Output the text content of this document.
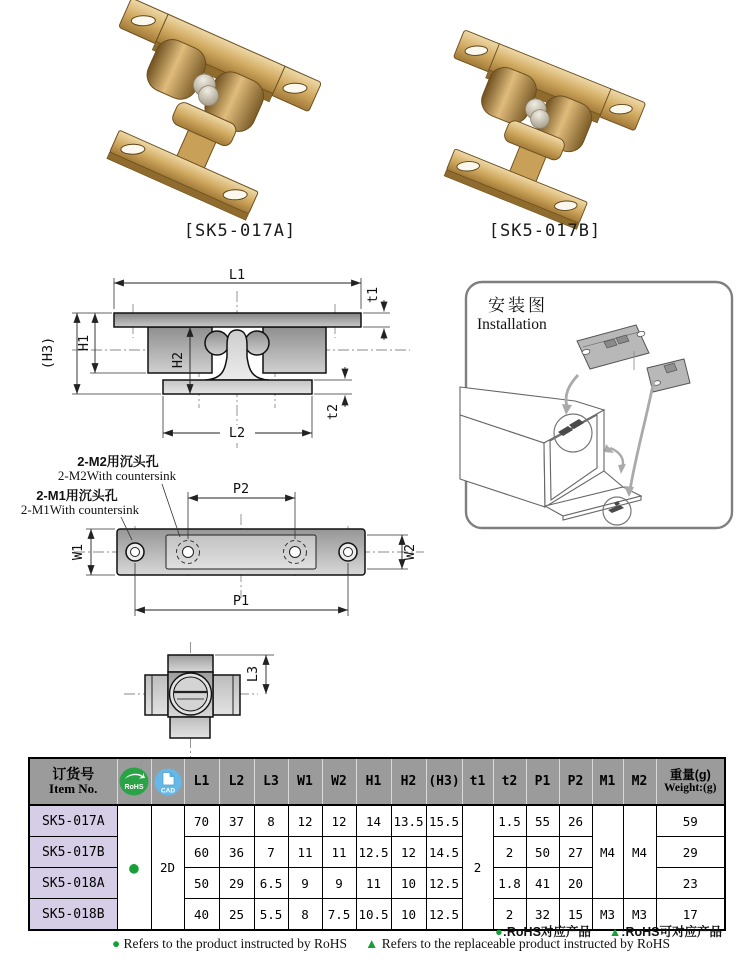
[SK5-017A]	[SK5-017B]
L1
t1
(H3) H1
H2
t2
L2
安装图
Installation
2-M2用沉头孔
2-M2With countersink
2-M1用沉头孔
2-M1With countersink
P2
P1
W1	W2
L3
订货号
Item No.	RoHS	CAD
	L1	L2	L3	W1	W2	H1	H2	(H3)	t1	t2	P1	P2	M1	M2	重量(g)
Weight:(g)

SK5-017A	●	2D	70	37	8	12	12	14	13.5	15.5	2	1.5	55	26	M4	M4	59
SK5-017B			60	36	7	11	11	12.5	12	14.5		2	50	27			29
SK5-018A			50	29	6.5	9	9	11	10	12.5		1.8	41	20			23
SK5-018B			40	25	5.5	8	7.5	10.5	10	12.5		2	32	15	M3	M3	17
●:RoHS对应产品 ▲:RoHS可对应产品
● Refers to the product instructed by RoHS ▲ Refers to the replaceable product instructed by RoHS
